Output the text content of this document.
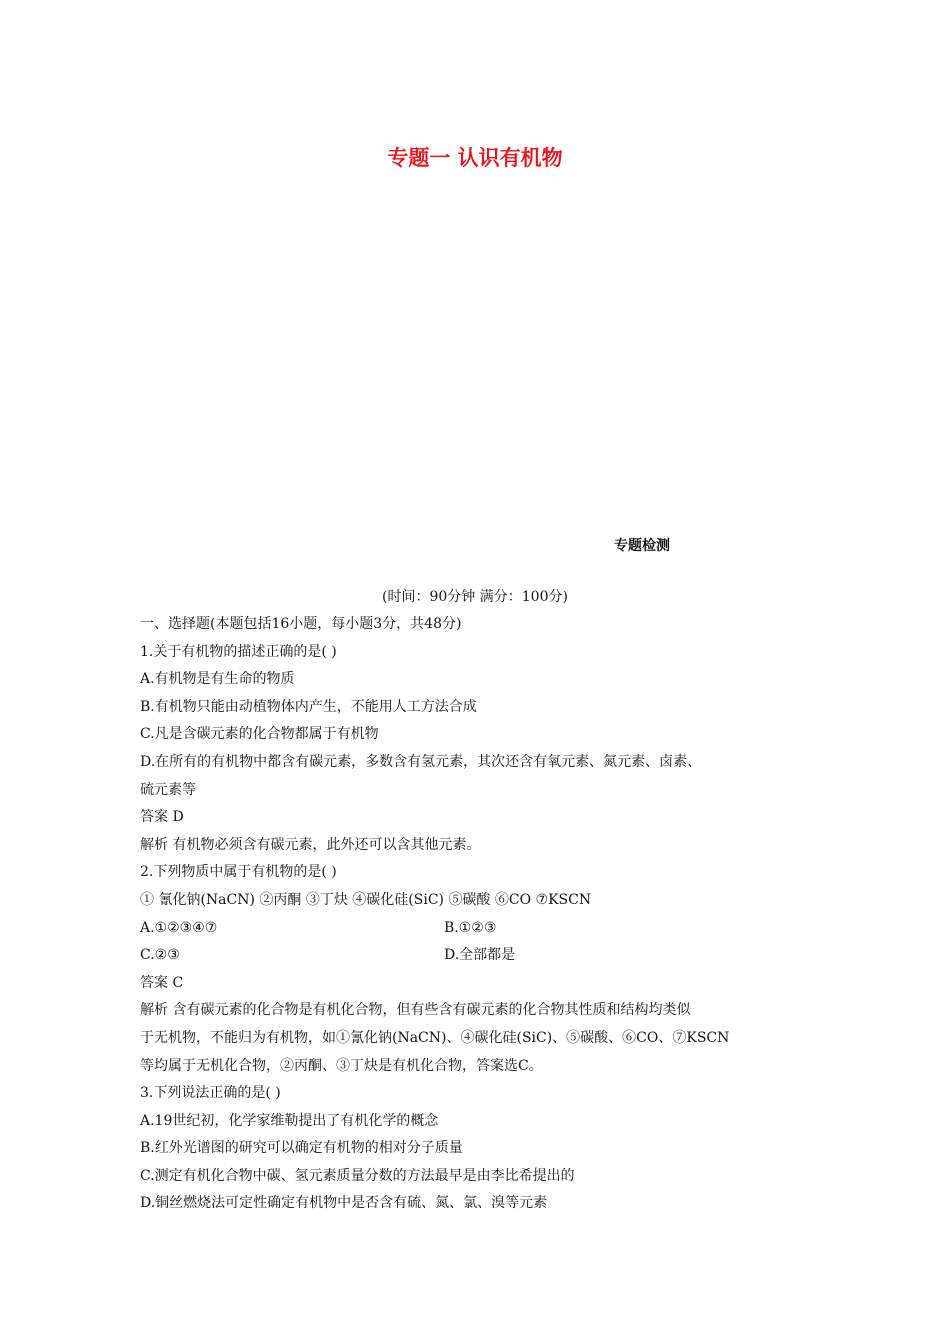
专题一 认识有机物
专题检测
(时间：90分钟 满分：100分)
一、选择题(本题包括16小题，每小题3分，共48分)
1.关于有机物的描述正确的是( )
A.有机物是有生命的物质
B.有机物只能由动植物体内产生，不能用人工方法合成
C.凡是含碳元素的化合物都属于有机物
D.在所有的有机物中都含有碳元素，多数含有氢元素，其次还含有氧元素、氮元素、卤素、
硫元素等
答案 D
解析 有机物必须含有碳元素，此外还可以含其他元素。
2.下列物质中属于有机物的是( )
① 氰化钠(NaCN) ②丙酮 ③丁炔 ④碳化硅(SiC) ⑤碳酸 ⑥CO ⑦KSCN
A.①②③④⑦	B.①②③
C.②③	D.全部都是
答案 C
解析 含有碳元素的化合物是有机化合物，但有些含有碳元素的化合物其性质和结构均类似
于无机物，不能归为有机物，如①氰化钠(NaCN)、④碳化硅(SiC)、⑤碳酸、⑥CO、⑦KSCN
等均属于无机化合物，②丙酮、③丁炔是有机化合物，答案选C。
3.下列说法正确的是( )
A.19世纪初，化学家维勒提出了有机化学的概念
B.红外光谱图的研究可以确定有机物的相对分子质量
C.测定有机化合物中碳、氢元素质量分数的方法最早是由李比希提出的
D.铜丝燃烧法可定性确定有机物中是否含有硫、氮、氯、溴等元素
